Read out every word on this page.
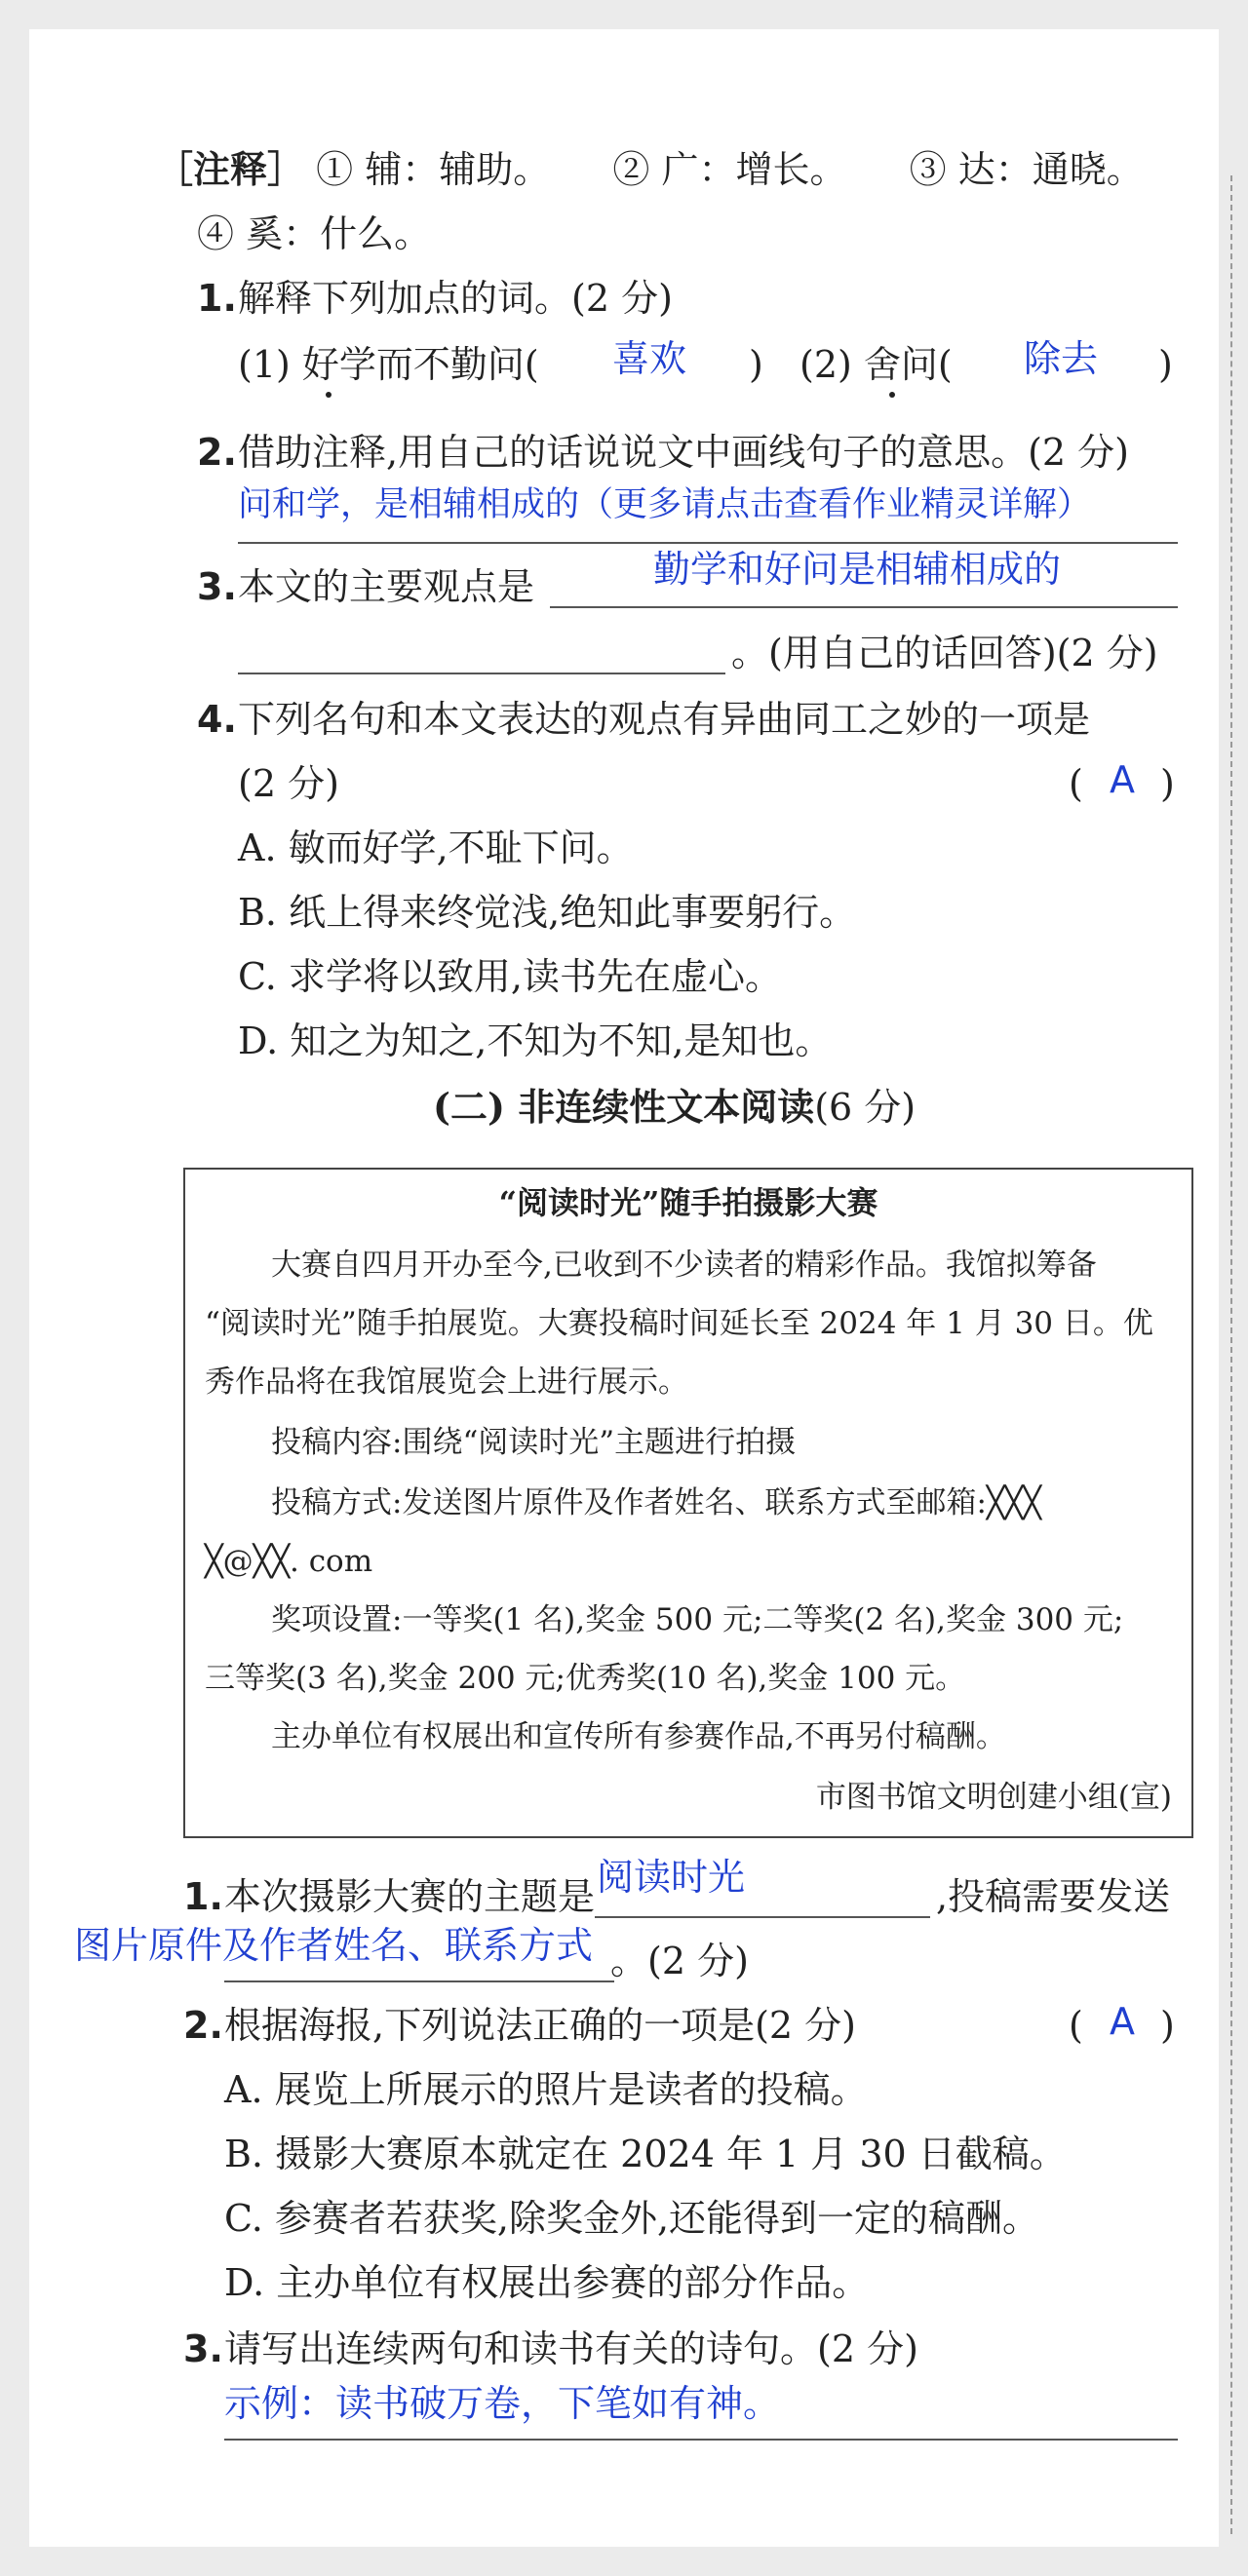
［注释］ ① 辅：辅助。 ② 广：增长。 ③ 达：通晓。
④ 奚：什么。
1. 解释下列加点的词。(2 分)
(1) 好学而不勤问( 喜欢 ) (2) 舍问( 除去 )
2. 借助注释,用自己的话说说文中画线句子的意思。(2 分)
问和学，是相辅相成的（更多请点击查看作业精灵详解）
3. 本文的主要观点是	勤学和好问是相辅相成的
。(用自己的话回答)(2 分)
4. 下列名句和本文表达的观点有异曲同工之妙的一项是
(2 分)	( A )
A. 敏而好学,不耻下问。
B. 纸上得来终觉浅,绝知此事要躬行。
C. 求学将以致用,读书先在虚心。
D. 知之为知之,不知为不知,是知也。
(二) 非连续性文本阅读(6 分)
“阅读时光”随手拍摄影大赛
大赛自四月开办至今,已收到不少读者的精彩作品。我馆拟筹备
“阅读时光”随手拍展览。大赛投稿时间延长至 2024 年 1 月 30 日。优
秀作品将在我馆展览会上进行展示。
投稿内容:围绕“阅读时光”主题进行拍摄
投稿方式:发送图片原件及作者姓名、联系方式至邮箱:╳╳╳
╳@╳╳. com
奖项设置:一等奖(1 名),奖金 500 元;二等奖(2 名),奖金 300 元;
三等奖(3 名),奖金 200 元;优秀奖(10 名),奖金 100 元。
主办单位有权展出和宣传所有参赛作品,不再另付稿酬。
市图书馆文明创建小组(宣)
1. 本次摄影大赛的主题是 阅读时光	,投稿需要发送
图片原件及作者姓名、联系方式 。(2 分)
2. 根据海报,下列说法正确的一项是(2 分)	( A )
A. 展览上所展示的照片是读者的投稿。
B. 摄影大赛原本就定在 2024 年 1 月 30 日截稿。
C. 参赛者若获奖,除奖金外,还能得到一定的稿酬。
D. 主办单位有权展出参赛的部分作品。
3. 请写出连续两句和读书有关的诗句。(2 分)
示例：读书破万卷，下笔如有神。
